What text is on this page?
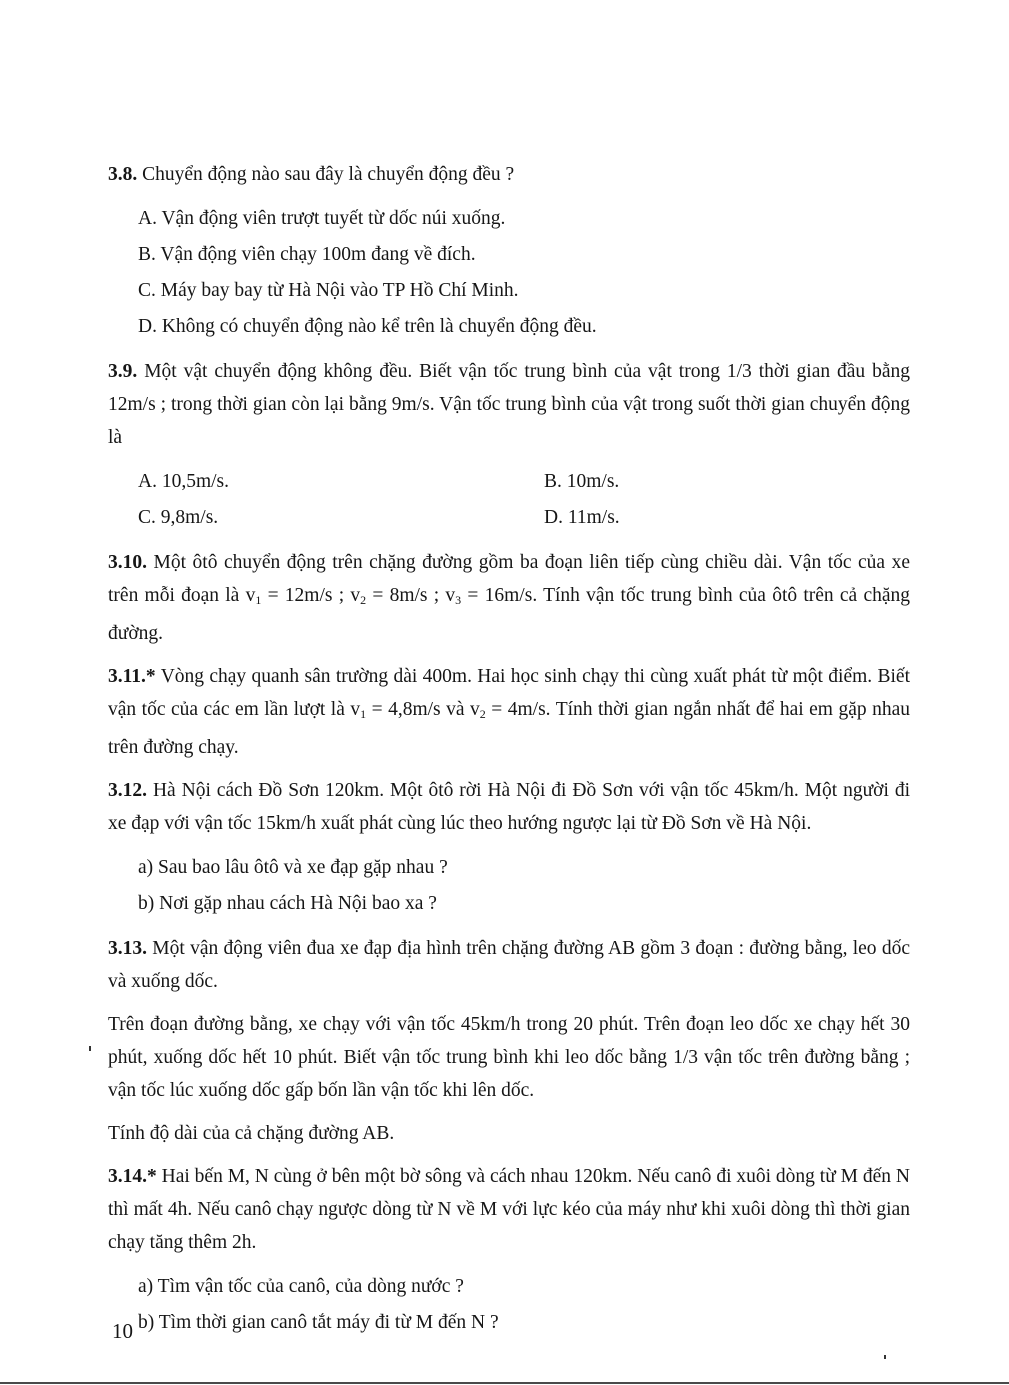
3.8. Chuyển động nào sau đây là chuyển động đều ?
A. Vận động viên trượt tuyết từ dốc núi xuống.
B. Vận động viên chạy 100m đang về đích.
C. Máy bay bay từ Hà Nội vào TP Hồ Chí Minh.
D. Không có chuyển động nào kể trên là chuyển động đều.
3.9. Một vật chuyển động không đều. Biết vận tốc trung bình của vật trong 1/3 thời gian đầu bằng 12m/s ; trong thời gian còn lại bằng 9m/s. Vận tốc trung bình của vật trong suốt thời gian chuyển động là
A. 10,5m/s.	B. 10m/s.
C. 9,8m/s.	D. 11m/s.
3.10. Một ôtô chuyển động trên chặng đường gồm ba đoạn liên tiếp cùng chiều dài. Vận tốc của xe trên mỗi đoạn là $v_1 = 12m/s$ ; $v_2 = 8m/s$ ; $v_3 = 16m/s$. Tính vận tốc trung bình của ôtô trên cả chặng đường.
3.11.* Vòng chạy quanh sân trường dài 400m. Hai học sinh chạy thi cùng xuất phát từ một điểm. Biết vận tốc của các em lần lượt là $v_1 = 4,8m/s$ và $v_2 = 4m/s$. Tính thời gian ngắn nhất để hai em gặp nhau trên đường chạy.
3.12. Hà Nội cách Đồ Sơn 120km. Một ôtô rời Hà Nội đi Đồ Sơn với vận tốc 45km/h. Một người đi xe đạp với vận tốc 15km/h xuất phát cùng lúc theo hướng ngược lại từ Đồ Sơn về Hà Nội.
a) Sau bao lâu ôtô và xe đạp gặp nhau ?
b) Nơi gặp nhau cách Hà Nội bao xa ?
3.13. Một vận động viên đua xe đạp địa hình trên chặng đường AB gồm 3 đoạn : đường bằng, leo dốc và xuống dốc.
Trên đoạn đường bằng, xe chạy với vận tốc 45km/h trong 20 phút. Trên đoạn leo dốc xe chạy hết 30 phút, xuống dốc hết 10 phút. Biết vận tốc trung bình khi leo dốc bằng 1/3 vận tốc trên đường bằng ; vận tốc lúc xuống dốc gấp bốn lần vận tốc khi lên dốc.
Tính độ dài của cả chặng đường AB.
3.14.* Hai bến M, N cùng ở bên một bờ sông và cách nhau 120km. Nếu canô đi xuôi dòng từ M đến N thì mất 4h. Nếu canô chạy ngược dòng từ N về M với lực kéo của máy như khi xuôi dòng thì thời gian chạy tăng thêm 2h.
a) Tìm vận tốc của canô, của dòng nước ?
b) Tìm thời gian canô tắt máy đi từ M đến N ?
10
